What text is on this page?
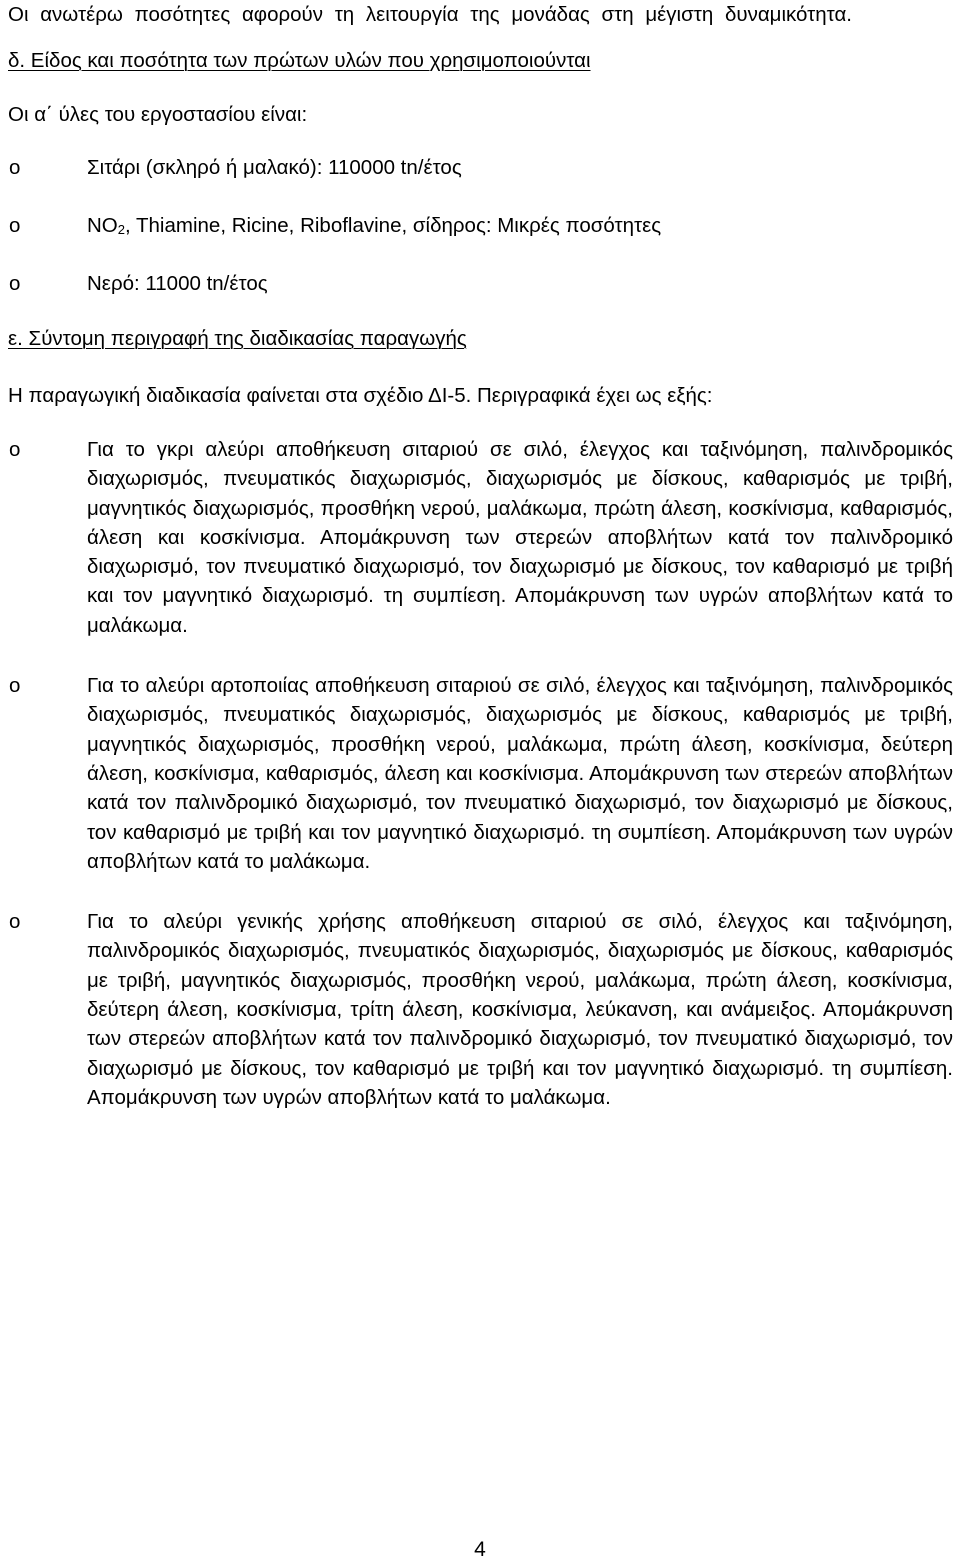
Οι ανωτέρω ποσότητες αφορούν τη λειτουργία της μονάδας στη μέγιστη δυναμικότητα.

δ. Είδος και ποσότητα των πρώτων υλών που χρησιμοποιούνται

Οι α΄ ύλες του εργοστασίου είναι:

o	Σιτάρι (σκληρό ή μαλακό): 110000 tn/έτος
o	$NO_2$, Thiamine, Ricine, Riboflavine, σίδηρος: Μικρές ποσότητες
o	Νερό: 11000 tn/έτος

ε. Σύντομη περιγραφή της διαδικασίας παραγωγής

Η παραγωγική διαδικασία φαίνεται στα σχέδιο ΔΙ-5. Περιγραφικά έχει ως εξής:

o	Για το γκρι αλεύρι αποθήκευση σιταριού σε σιλό, έλεγχος και ταξινόμηση, παλινδρομικός διαχωρισμός, πνευματικός διαχωρισμός, διαχωρισμός με δίσκους, καθαρισμός με τριβή, μαγνητικός διαχωρισμός, προσθήκη νερού, μαλάκωμα, πρώτη άλεση, κοσκίνισμα, καθαρισμός, άλεση και κοσκίνισμα. Απομάκρυνση των στερεών αποβλήτων κατά τον παλινδρομικό διαχωρισμό, τον πνευματικό διαχωρισμό, τον διαχωρισμό με δίσκους, τον καθαρισμό με τριβή και τον μαγνητικό διαχωρισμό. τη συμπίεση. Απομάκρυνση των υγρών αποβλήτων κατά το μαλάκωμα.
o	Για το αλεύρι αρτοποιίας αποθήκευση σιταριού σε σιλό, έλεγχος και ταξινόμηση, παλινδρομικός διαχωρισμός, πνευματικός διαχωρισμός, διαχωρισμός με δίσκους, καθαρισμός με τριβή, μαγνητικός διαχωρισμός, προσθήκη νερού, μαλάκωμα, πρώτη άλεση, κοσκίνισμα, δεύτερη άλεση, κοσκίνισμα, καθαρισμός, άλεση και κοσκίνισμα. Απομάκρυνση των στερεών αποβλήτων κατά τον παλινδρομικό διαχωρισμό, τον πνευματικό διαχωρισμό, τον διαχωρισμό με δίσκους, τον καθαρισμό με τριβή και τον μαγνητικό διαχωρισμό. τη συμπίεση. Απομάκρυνση των υγρών αποβλήτων κατά το μαλάκωμα.
o	Για το αλεύρι γενικής χρήσης αποθήκευση σιταριού σε σιλό, έλεγχος και ταξινόμηση, παλινδρομικός διαχωρισμός, πνευματικός διαχωρισμός, διαχωρισμός με δίσκους, καθαρισμός με τριβή, μαγνητικός διαχωρισμός, προσθήκη νερού, μαλάκωμα, πρώτη άλεση, κοσκίνισμα, δεύτερη άλεση, κοσκίνισμα, τρίτη άλεση, κοσκίνισμα, λεύκανση, και ανάμειξος. Απομάκρυνση των στερεών αποβλήτων κατά τον παλινδρομικό διαχωρισμό, τον πνευματικό διαχωρισμό, τον διαχωρισμό με δίσκους, τον καθαρισμό με τριβή και τον μαγνητικό διαχωρισμό. τη συμπίεση. Απομάκρυνση των υγρών αποβλήτων κατά το μαλάκωμα.
4
